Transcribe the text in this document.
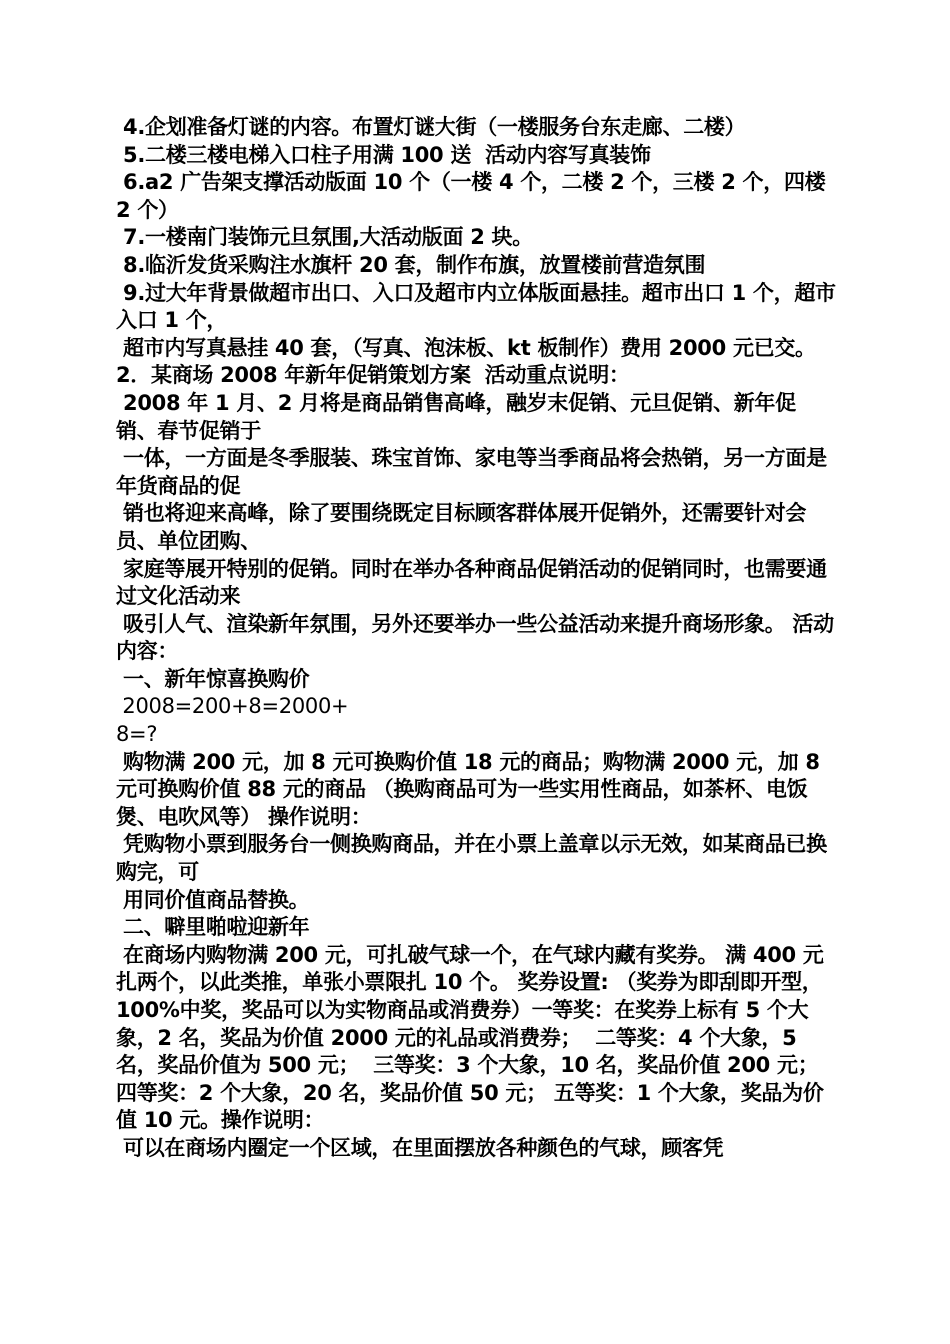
4.企划准备灯谜的内容。布置灯谜大街（一楼服务台东走廊、二楼）

5.二楼三楼电梯入口柱子用满 100 送  活动内容写真装饰

6.a2 广告架支撑活动版面 10 个（一楼 4 个，二楼 2 个，三楼 2 个，四楼 2 个）

7.一楼南门装饰元旦氛围,大活动版面 2 块。

8.临沂发货采购注水旗杆 20 套，制作布旗，放置楼前营造氛围

9.过大年背景做超市出口、入口及超市内立体版面悬挂。超市出口 1 个，超市入口 1 个，

超市内写真悬挂 40 套，（写真、泡沫板、kt 板制作）费用 2000 元已交。

2．某商场 2008 年新年促销策划方案  活动重点说明：

2008 年 1 月、2 月将是商品销售高峰，融岁末促销、元旦促销、新年促销、春节促销于

一体，一方面是冬季服装、珠宝首饰、家电等当季商品将会热销，另一方面是年货商品的促

销也将迎来高峰，除了要围绕既定目标顾客群体展开促销外，还需要针对会员、单位团购、

家庭等展开特别的促销。同时在举办各种商品促销活动的促销同时，也需要通过文化活动来

吸引人气、渲染新年氛围，另外还要举办一些公益活动来提升商场形象。 活动内容：

一、新年惊喜换购价

2008=200+8=2000+

8=?

购物满 200 元，加 8 元可换购价值 18 元的商品；购物满 2000 元，加 8 元可换购价值 88 元的商品 （换购商品可为一些实用性商品，如茶杯、电饭煲、电吹风等） 操作说明：

凭购物小票到服务台一侧换购商品，并在小票上盖章以示无效，如某商品已换购完，可

用同价值商品替换。

二、噼里啪啦迎新年

在商场内购物满 200 元，可扎破气球一个，在气球内藏有奖券。 满 400 元扎两个，以此类推，单张小票限扎 10 个。 奖券设置: （奖券为即刮即开型，100%中奖，奖品可以为实物商品或消费券）一等奖：在奖券上标有 5 个大象，2 名，奖品为价值 2000 元的礼品或消费券；  二等奖：4 个大象，5 名，奖品价值为 500 元；  三等奖：3 个大象，10 名，奖品价值 200 元；四等奖：2 个大象，20 名，奖品价值 50 元； 五等奖：1 个大象，奖品为价值 10 元。操作说明：

可以在商场内圈定一个区域，在里面摆放各种颜色的气球，顾客凭
